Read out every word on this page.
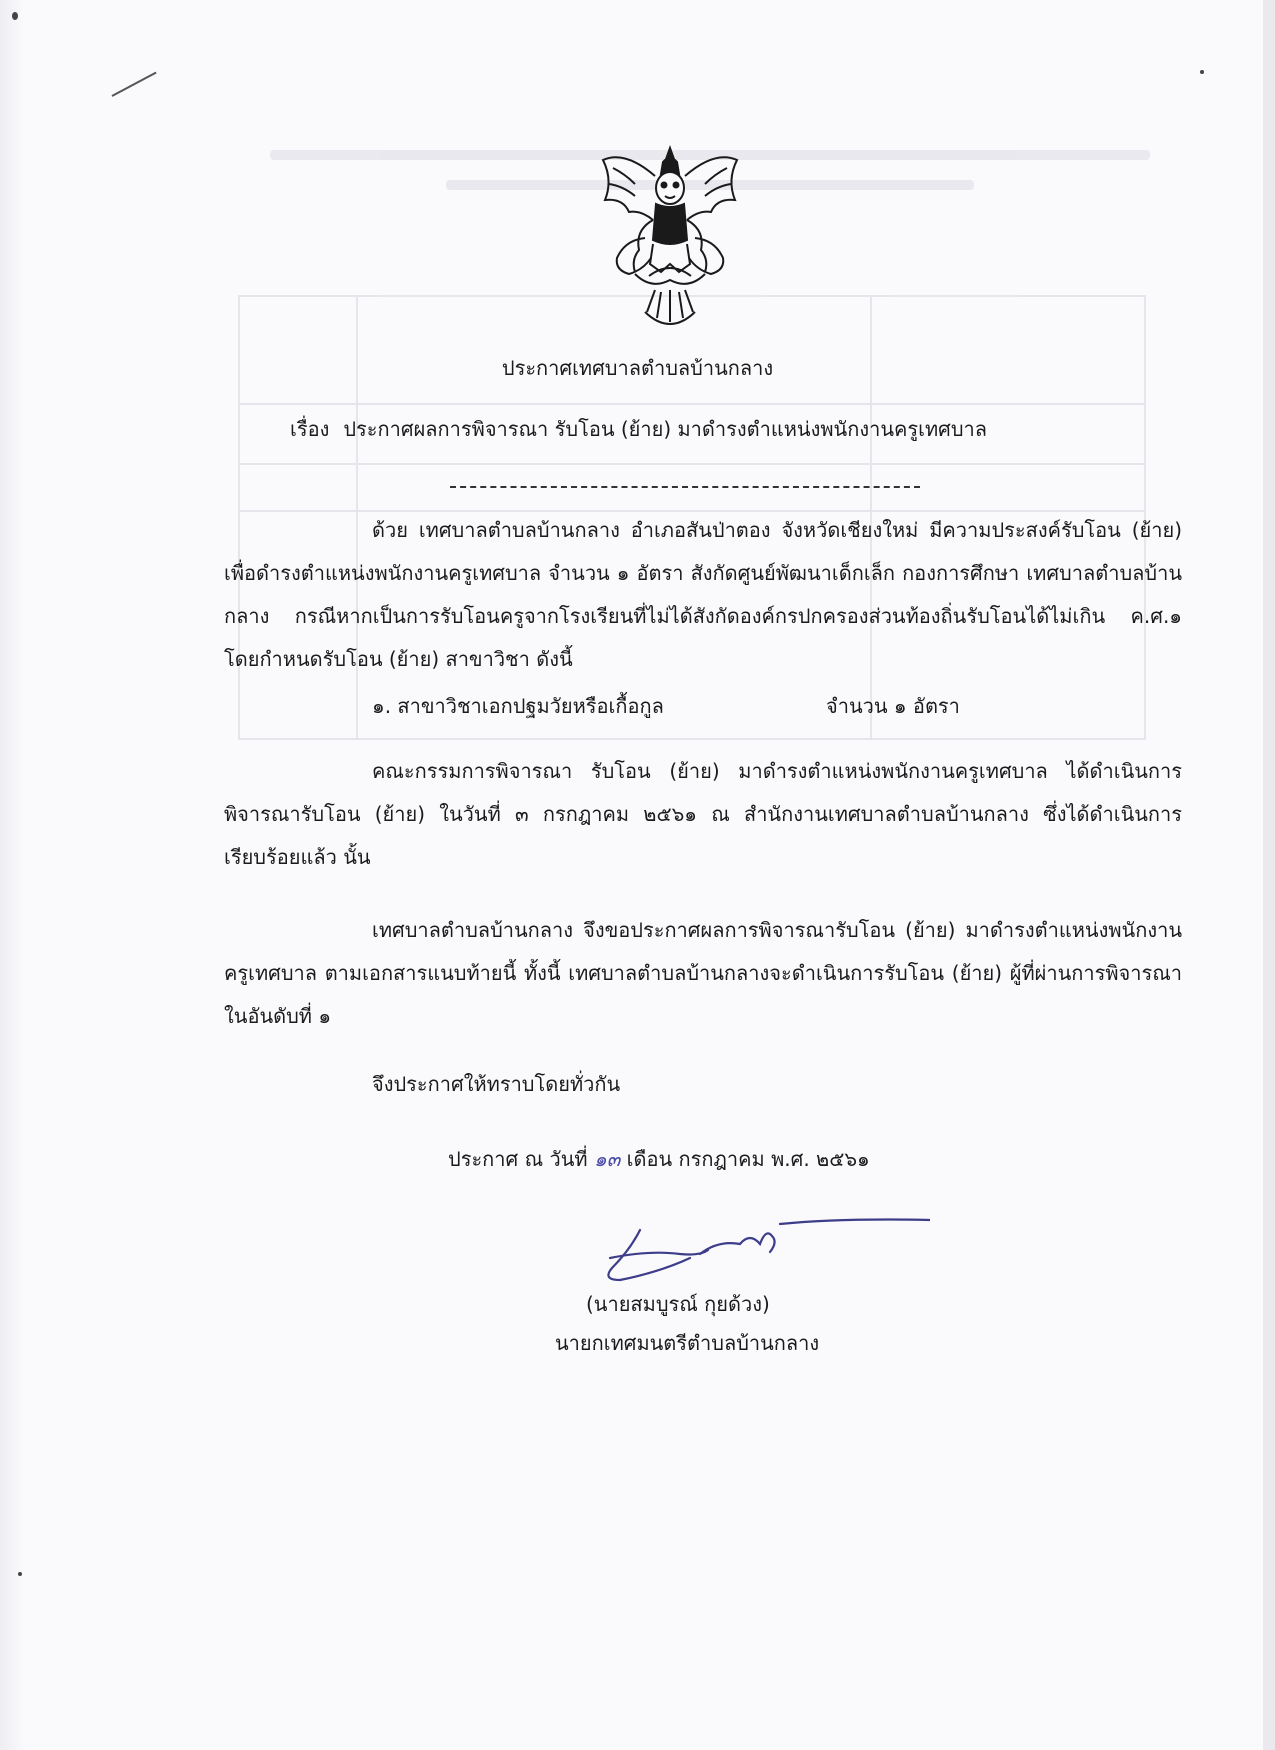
ประกาศเทศบาลตำบลบ้านกลาง
เรื่อง ประกาศผลการพิจารณา รับโอน (ย้าย) มาดำรงตำแหน่งพนักงานครูเทศบาล

ด้วย เทศบาลตำบลบ้านกลาง อำเภอสันป่าตอง จังหวัดเชียงใหม่ มีความประสงค์รับโอน (ย้าย) เพื่อดำรงตำแหน่งพนักงานครูเทศบาล จำนวน ๑ อัตรา สังกัดศูนย์พัฒนาเด็กเล็ก กองการศึกษา เทศบาลตำบลบ้านกลาง กรณีหากเป็นการรับโอนครูจากโรงเรียนที่ไม่ได้สังกัดองค์กรปกครองส่วนท้องถิ่นรับโอนได้ไม่เกิน ค.ศ.๑ โดยกำหนดรับโอน (ย้าย) สาขาวิชา ดังนี้

๑. สาขาวิชาเอกปฐมวัยหรือเกื้อกูล	จำนวน ๑ อัตรา

คณะกรรมการพิจารณา รับโอน (ย้าย) มาดำรงตำแหน่งพนักงานครูเทศบาล ได้ดำเนินการพิจารณารับโอน (ย้าย) ในวันที่ ๓ กรกฎาคม ๒๕๖๑ ณ สำนักงานเทศบาลตำบลบ้านกลาง ซึ่งได้ดำเนินการเรียบร้อยแล้ว นั้น

เทศบาลตำบลบ้านกลาง จึงขอประกาศผลการพิจารณารับโอน (ย้าย) มาดำรงตำแหน่งพนักงานครูเทศบาล ตามเอกสารแนบท้ายนี้ ทั้งนี้ เทศบาลตำบลบ้านกลางจะดำเนินการรับโอน (ย้าย) ผู้ที่ผ่านการพิจารณาในอันดับที่ ๑

จึงประกาศให้ทราบโดยทั่วกัน
ประกาศ ณ วันที่ ๑๓ เดือน กรกฎาคม พ.ศ. ๒๕๖๑
(นายสมบูรณ์ กุยด้วง)
นายกเทศมนตรีตำบลบ้านกลาง
